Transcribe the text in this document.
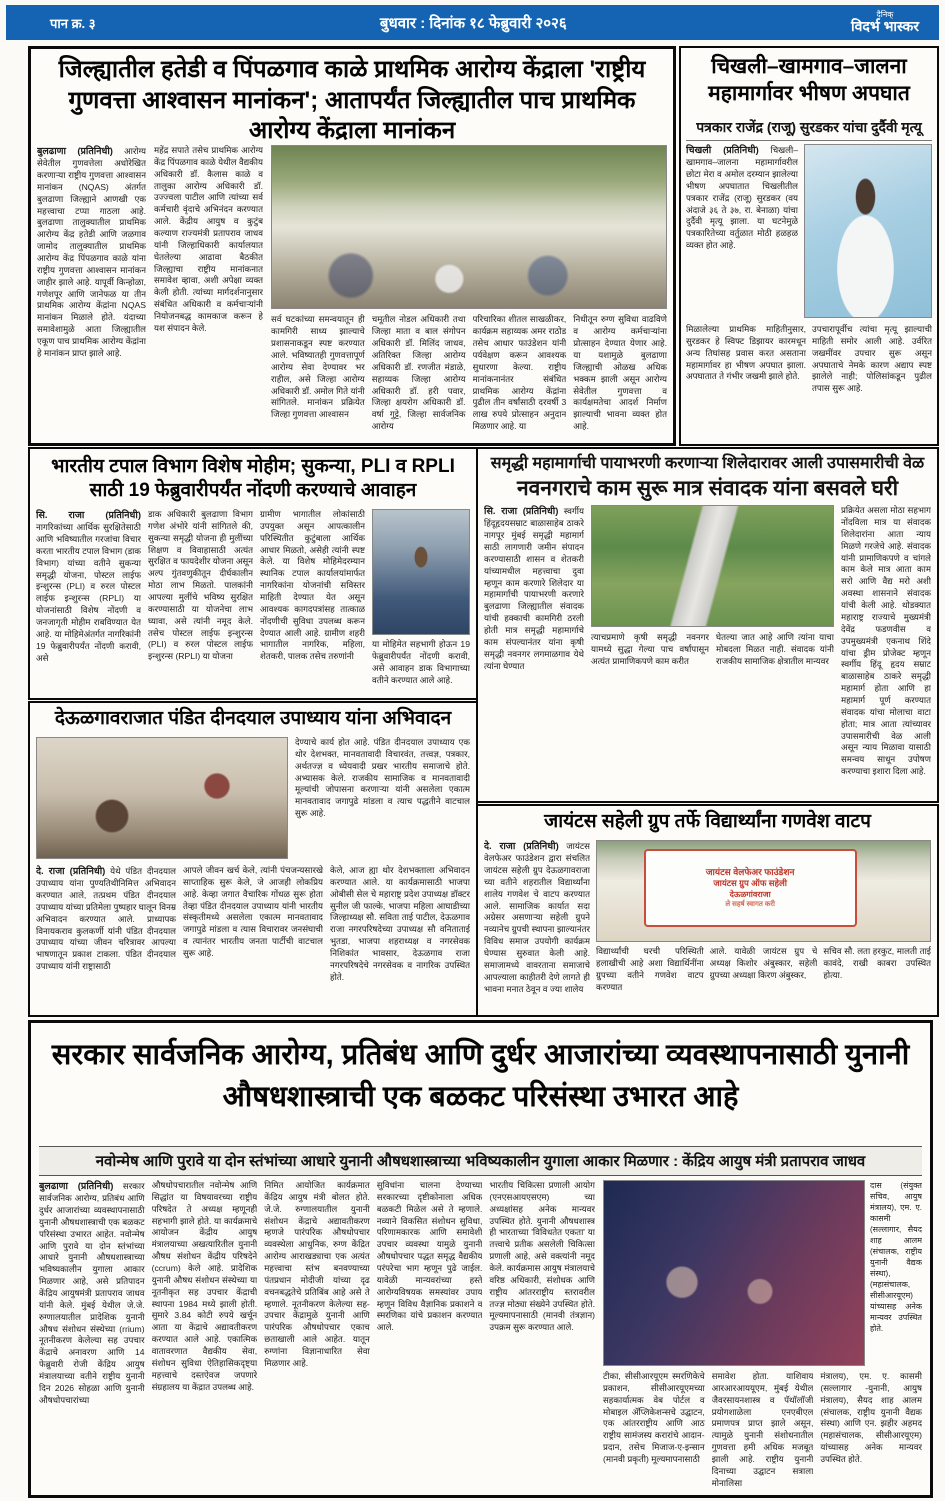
पान क्र. ३	बुधवार : दिनांक १८ फेब्रुवारी २०२६
दैनिक्
विदर्भ भास्कर
जिल्ह्यातील हतेडी व पिंपळगाव काळे प्राथमिक आरोग्य केंद्राला 'राष्ट्रीय गुणवत्ता आश्वासन मानांकन'; आतापर्यंत जिल्ह्यातील पाच प्राथमिक आरोग्य केंद्राला मानांकन

बुलढाणा (प्रतिनिधी) आरोग्य सेवेतील गुणवत्तेला अधोरेखित करणाऱ्या राष्ट्रीय गुणवत्ता आश्वासन मानांकन (NQAS) अंतर्गत बुलढाणा जिल्ह्याने आणखी एक महत्त्वाचा टप्पा गाठला आहे. बुलढाणा तालुक्यातील प्राथमिक आरोग्य केंद्र हतेडी आणि जळगाव जामोद तालुक्यातील प्राथमिक आरोग्य केंद्र पिंपळगाव काळे यांना राष्ट्रीय गुणवत्ता आश्वासन मानांकन जाहीर झाले आहे. यापूर्वी किन्होळा, गणेशपूर आणि जानेफळ या तीन प्राथमिक आरोग्य केंद्रांना NQAS मानांकन मिळाले होते. यंदाच्या समावेशामुळे आता जिल्ह्यातील एकूण पाच प्राथमिक आरोग्य केंद्रांना हे मानांकन प्राप्त झाले आहे.

महेंद्र सपाते तसेच प्राथमिक आरोग्य केंद्र पिंपळगाव काळे येथील वैद्यकीय अधिकारी डॉ. कैलास काळे व तालुका आरोग्य अधिकारी डॉ. उज्ज्वला पाटील आणि त्यांच्या सर्व कर्मचारी वृंदाचे अभिनंदन करण्यात आले. केंद्रीय आयुष व कुटुंब कल्याण राज्यमंत्री प्रतापराव जाधव यांनी जिल्हाधिकारी कार्यालयात घेतलेल्या आढावा बैठकीत जिल्ह्याचा राष्ट्रीय मानांकनात समावेश व्हावा, अशी अपेक्षा व्यक्त केली होती. त्यांच्या मार्गदर्शनानुसार संबंधित अधिकारी व कर्मचाऱ्यांनी नियोजनबद्ध कामकाज करून हे यश संपादन केले.

सर्व घटकांच्या समन्वयातून ही कामगिरी साध्य झाल्याचे प्रशासनाकडून स्पष्ट करण्यात आले. भविष्यातही गुणवत्तापूर्ण आरोग्य सेवा देण्यावर भर राहील, असे जिल्हा आरोग्य अधिकारी डॉ. अमोल गिते यांनी सांगितले. मानांकन प्रक्रियेत जिल्हा गुणवत्ता आश्वासन

चमूतील नोडल अधिकारी तथा जिल्हा माता व बाल संगोपन अधिकारी डॉ. मिलिंद जाधव, अतिरिक्त जिल्हा आरोग्य अधिकारी डॉ. रणजीत मंडाळे, सहाय्यक जिल्हा आरोग्य अधिकारी डॉ. हरी पवार, जिल्हा क्षयरोग अधिकारी डॉ. वर्षा गुट्टे, जिल्हा सार्वजनिक आरोग्य

परिचारिका शीतल साखळीकर, कार्यक्रम सहाय्यक अमर राठोड तसेच आधार फाउंडेशन यांनी पर्यवेक्षण करून आवश्यक सुधारणा केल्या. राष्ट्रीय मानांकनानंतर संबंधित प्राथमिक आरोग्य केंद्रांना पुढील तीन वर्षांसाठी दरवर्षी 3 लाख रुपये प्रोत्साहन अनुदान मिळणार आहे. या

निधीतून रुग्ण सुविधा वाढविणे व आरोग्य कर्मचाऱ्यांना प्रोत्साहन देण्यात येणार आहे. या यशामुळे बुलढाणा जिल्ह्याची ओळख अधिक भक्कम झाली असून आरोग्य सेवेतील गुणवत्ता व कार्यक्षमतेचा आदर्श निर्माण झाल्याची भावना व्यक्त होत आहे.

चिखली–खामगाव–जालना महामार्गावर भीषण अपघात
पत्रकार राजेंद्र (राजू) सुरडकर यांचा दुर्दैवी मृत्यू

चिखली (प्रतिनिधी) चिखली–खामगाव–जालना महामार्गावरील छोटा मेरा व अमोल दरम्यान झालेल्या भीषण अपघातात चिखलीतील पत्रकार राजेंद्र (राजू) सुरडकर (वय अंदाजे ३६ ते ३७, रा. बेनाळा) यांचा दुर्दैवी मृत्यू झाला. या घटनेमुळे पत्रकारितेच्या वर्तुळात मोठी हळहळ व्यक्त होत आहे.

मिळालेल्या प्राथमिक माहितीनुसार, सुरडकर हे स्विफ्ट डिझायर कारमधून अन्य तिघांसह प्रवास करत असताना महामार्गावर हा भीषण अपघात झाला. अपघातात ते गंभीर जखमी झाले होते.

उपचारापूर्वीच त्यांचा मृत्यू झाल्याची माहिती समोर आली आहे. उर्वरित जखमींवर उपचार सुरू असून अपघाताचे नेमके कारण अद्याप स्पष्ट झालेले नाही; पोलिसांकडून पुढील तपास सुरू आहे.

भारतीय टपाल विभाग विशेष मोहीम; सुकन्या, PLI व RPLI साठी 19 फेब्रुवारीपर्यंत नोंदणी करण्याचे आवाहन

सि. राजा (प्रतिनिधी) नागरिकांच्या आर्थिक सुरक्षितेसाठी आणि भविष्यातील गरजांचा विचार करता भारतीय टपाल विभाग (डाक विभाग) यांच्या वतीने सुकन्या समृद्धी योजना, पोस्टल लाईफ इन्शुरन्स (PLI) व रुरल पोस्टल लाईफ इन्शुरन्स (RPLI) या योजनांसाठी विशेष नोंदणी व जनजागृती मोहीम राबविण्यात येत आहे. या मोहिमेअंतर्गत नागरिकांनी 19 फेब्रुवारीपर्यंत नोंदणी करावी, असे

डाक अधिकारी बुलढाणा विभाग गणेश अंभोरे यांनी सांगितले की, सुकन्या समृद्धी योजना ही मुलींच्या शिक्षण व विवाहासाठी अत्यंत सुरक्षित व फायदेशीर योजना असून अल्प गुंतवणुकीतून दीर्घकालीन मोठा लाभ मिळतो. पालकांनी आपल्या मुलींचे भविष्य सुरक्षित करण्यासाठी या योजनेचा लाभ घ्यावा, असे त्यांनी नमूद केले. तसेच पोस्टल लाईफ इन्शुरन्स (PLI) व रुरल पोस्टल लाईफ इन्शुरन्स (RPLI) या योजना

ग्रामीण भागातील लोकांसाठी उपयुक्त असून आपत्कालीन परिस्थितीत कुटुंबाला आर्थिक आधार मिळतो, असेही त्यांनी स्पष्ट केले. या विशेष मोहिमेदरम्यान स्थानिक टपाल कार्यालयांमार्फत नागरिकांना योजनांची सविस्तर माहिती देण्यात येत असून आवश्यक कागदपत्रांसह तात्काळ नोंदणीची सुविधा उपलब्ध करून देण्यात आली आहे. ग्रामीण शहरी भागातील नागरिक, महिला, शेतकरी, पालक तसेच तरुणांनी

या मोहिमेत सहभागी होऊन 19 फेब्रुवारीपर्यंत नोंदणी करावी, असे आवाहन डाक विभागाच्या वतीने करण्यात आले आहे.

समृद्धी महामार्गाची पायाभरणी करणाऱ्या शिलेदारावर आली उपासमारीची वेळ
नवनगराचे काम सुरू मात्र संवादक यांना बसवले घरी

सि. राजा (प्रतिनिधी) स्वर्गीय हिंदूहृदयसम्राट बाळासाहेब ठाकरे नागपूर मुंबई समृद्धी महामार्ग साठी लागणारी जमीन संपादन करण्यासाठी शासन व शेतकरी यांच्यामधील महत्त्वाचा दुवा म्हणून काम करणारे शिलेदार या महामार्गांची पायाभरणी करणारे बुलढाणा जिल्ह्यातील संवादक यांची हक्काची कामगिरी ठरली होती मात्र समृद्धी महामार्गाचे काम संपल्यानंतर यांना कृषी समृद्धी नवनगर लगमाळगाव येथे त्यांना घेण्यात

त्याचप्रमाणे कृषी समृद्धी नवनगर यामध्ये सुद्धा गेल्या पाच वर्षांपासून अत्यंत प्रामाणिकपणे काम करीत

घेतल्या जात आहे आणि त्यांना याचा मोबदला मिळत नाही. संवादक यांनी राजकीय सामाजिक क्षेत्रातील मान्यवर

प्रक्रियेत असला मोठा सहभाग नोंदविला मात्र या संवादक शिलेदारांना आता न्याय मिळणे गरजेचे आहे. संवादक यांनी प्रामाणिकपणे व चांगले काम केले मात्र आता काम सरो आणि वैद्य मरो अशी अवस्था शासनाने संवादक यांची केली आहे. थोडक्यात महाराष्ट्र राज्याचे मुख्यमंत्री देवेंद्र फडणवीस व उपमुख्यमंत्री एकनाथ शिंदे यांचा ड्रीम प्रोजेक्ट म्हणून स्वर्गीय हिंदू हृदय सम्राट बाळासाहेब ठाकरे समृद्धी महामार्ग होता आणि हा महामार्ग पूर्ण करण्यात संवादक यांचा मोलाचा वाटा होता; मात्र आता त्यांच्यावर उपासमारीची वेळ आली असून न्याय मिळावा यासाठी समन्वय साधून उपोषण करण्याचा इशारा दिला आहे.

देऊळगावराजात पंडित दीनदयाल उपाध्याय यांना अभिवादन

देण्याचे कार्य होत आहे. पंडित दीनदयाल उपाध्याय एक थोर देशभक्त, मानवतावादी विचारवंत, तत्त्वज्ञ, पत्रकार, अर्थतज्ज्ञ व ध्येयवादी प्रखर भारतीय समाजाचे होते. अभ्यासक केले. राजकीय सामाजिक व मानवतावादी मूल्यांची जोपासना करणाऱ्या यांनी असलेला एकात्म मानवतावाद जगापुढे मांडला व त्याच पद्धतीने वाटचाल सुरू आहे.

दे. राजा (प्रतिनिधी) येथे पंडित दीनदयाल उपाध्याय यांना पुण्यतिथीनिमित्त अभिवादन करण्यात आले, तत्प्रथम पंडित दीनदयाल उपाध्याय यांच्या प्रतिमेला पुष्पहार घालून विनम्र अभिवादन करण्यात आले. प्राध्यापक विनायकराव कुलकर्णी यांनी पंडित दीनदयाल उपाध्याय यांच्या जीवन चरित्रावर आपल्या भाषणातून प्रकाश टाकला. पंडित दीनदयाल उपाध्याय यांनी राष्ट्रासाठी

आपले जीवन खर्च केले, त्यांनी पंचजन्यसारखे साप्ताहिक सुरू केले, जे आजही लोकप्रिय आहे. केव्हा जगात वैचारिक गोंधळ सुरू होता तेव्हा पंडित दीनदयाल उपाध्याय यांनी भारतीय संस्कृतीमध्ये असलेला एकात्म मानवतावाद जगापुढे मांडला व त्यास विचारावर जनसंघाची व त्यानंतर भारतीय जनता पार्टीची वाटचाल सुरू आहे.

केले, आज ह्या थोर देशभक्ताला अभिवादन करण्यात आले. या कार्यक्रमासाठी भाजपा ओबीसी सेल चे महाराष्ट्र प्रदेश उपाध्यक्ष डॉक्टर सुनील जी फाल्के, भाजपा महिला आघाडीच्या जिल्हाध्यक्ष सौ. सविता ताई पाटील, देऊळगाव राजा नगरपरिषदेच्या उपाध्यक्ष सौ वनिताताई भुतडा, भाजपा शहराध्यक्ष व नगरसेवक निशिकांत भावसार, देऊळगाव राजा नगरपरिषदेचे नगरसेवक व नागरिक उपस्थित होते.

जायंटस सहेली ग्रुप तर्फे विद्यार्थ्यांना गणवेश वाटप

दे. राजा (प्रतिनिधी) जायंटस वेलफेअर फाउंडेशन द्वारा संचलित जायंटस सहेली ग्रुप देऊळगावराजा च्या वतीने शहरातील विद्यार्थ्यांना शालेय गणवेश चे वाटप करण्यात आले. सामाजिक कार्यात सदा अग्रेसर असणाऱ्या सहेली ग्रुपने नव्यानेच ग्रुपची स्थापना झाल्यानंतर विविध समाज उपयोगी कार्यक्रम घेण्यास सुरुवात केली आहे. समाजामध्ये वावरताना समाजाचे आपल्याला काहीतरी देणे लागते ही भावना मनात ठेवून व ज्या शालेय

जायंटस वेलफेअर फाउंडेशन
जायंटस ग्रुप ऑफ सहेली
देऊळगांवराजा
ले सहर्ष स्वागत करी

विद्यार्थ्यांची घरची परिस्थिती हलाखीची आहे अशा विद्यार्थिनींना ग्रुपच्या वतीने गणवेश वाटप करण्यात

आले. यावेळी जायंटस ग्रुप चे अध्यक्ष किशोर अंबुस्कार, सहेली ग्रुपच्या अध्यक्षा किरण अंबुस्कर,

सचिव सौ. लता हरकुट, मालती ताई कावंदे, राखी काबरा उपस्थित होत्या.

सरकार सार्वजनिक आरोग्य, प्रतिबंध आणि दुर्धर आजारांच्या व्यवस्थापनासाठी युनानी औषधशास्त्राची एक बळकट परिसंस्था उभारत आहे
नवोन्मेष आणि पुरावे या दोन स्तंभांच्या आधारे युनानी औषधशास्त्राच्या भविष्यकालीन युगाला आकार मिळणार : केंद्रिय आयुष मंत्री प्रतापराव जाधव

बुलढाणा (प्रतिनिधी) सरकार सार्वजनिक आरोग्य, प्रतिबंध आणि दुर्धर आजारांच्या व्यवस्थापनासाठी युनानी औषधशास्त्राची एक बळकट परिसंस्था उभारत आहेत. नवोन्मेष आणि पुरावे या दोन स्तंभांच्या आधारे युनानी औषधशास्त्राच्या भविष्यकालीन युगाला आकार मिळणार आहे, असे प्रतिपादन केंद्रिय आयुषमंत्री प्रतापराव जाधव यांनी केले. मुंबई येथील जे.जे. रुग्णालयातील प्रादेशिक युनानी औषध संशोधन संस्थेच्या (rrium) नूतनीकरण केलेल्या सह उपचार केंद्राचे अनावरण आणि 14 फेब्रुवारी रोजी केंद्रिय आयुष मंत्रालयाच्या वतीने राष्ट्रीय युनानी दिन 2026 सोहळा आणि युनानी औषधोपचारांच्या

औषधोपचारातील नवोन्मेष आणि सिद्धांत या विषयावरच्या राष्ट्रीय परिषदेत ते अध्यक्ष म्हणूनही सहभागी झाले होते. या कार्यक्रमाचे आयोजन केंद्रीय आयुष मंत्रालयाच्या अखत्यारितील युनानी औषध संशोधन केंद्रीय परिषदेने (ccrum) केले आहे. प्रादेशिक युनानी औषध संशोधन संस्थेच्या या नूतनीकृत सह उपचार केंद्राची स्थापना 1984 मध्ये झाली होती. सुमारे 3.84 कोटी रुपये खर्चून आता या केंद्राचे अद्यावतीकरण करण्यात आले आहे. एकात्मिक वातावरणात वैद्यकीय सेवा, संशोधन सुविधा ऐतिहासिकदृष्ट्या महत्त्वाचे दस्तऐवज जपणारे संग्रहालय या केंद्रात उपलब्ध आहे.

निमित आयोजित कार्यक्रमात केंद्रिय आयुष मंत्री बोलत होते. जे.जे. रुग्णालयातील युनानी संशोधन केंद्राचे अद्यावतीकरण म्हणजे पारंपरिक औषधोपचार व्यवस्थेला आधुनिक, रुग्ण केंद्रित आरोग्य आराखड्याचा एक अत्यंत महत्त्वाचा स्तंभ बनवण्याच्या पंतप्रधान मोदीजी यांच्या दृढ वचनबद्धतेचे प्रतिबिंब आहे असे ते म्हणाले. नूतनीकरण केलेल्या सह-उपचार केंद्रामुळे युनानी आणि पारंपरिक औषधोपचार एकाच छताखाली आले आहेत. यातून रुग्णांना विज्ञानाधारित सेवा मिळणार आहे.

सुविधांना चालना देण्याच्या सरकारच्या दृष्टीकोनाला अधिक बळकटी मिळेल असे ते म्हणाले. नव्याने विकसित संशोधन सुविधा, परिणामकारक आणि समावेशी उपचार व्यवस्था यामुळे युनानी औषधोपचार पद्धत समृद्ध वैद्यकीय परंपरेचा भाग म्हणून पुढे जाईल. यावेळी मान्यवरांच्या हस्ते आरोग्यविषयक समस्यांवर उपाय म्हणून विविध वैज्ञानिक प्रकाशने व स्मरणिका यांचे प्रकाशन करण्यात आले.

भारतीय चिकित्सा प्रणाली आयोग (एनएसआयएसएम) च्या अध्यक्षांसह अनेक मान्यवर उपस्थित होते. युनानी औषधशास्त्र ही भारताच्या 'विविधतेत एकता' या तत्त्वाचे प्रतीक असलेली चिकित्सा प्रणाली आहे, असे वक्त्यांनी नमूद केले. कार्यक्रमास आयुष मंत्रालयाचे वरिष्ठ अधिकारी, संशोधक आणि राष्ट्रीय आंतरराष्ट्रीय स्तरावरील तज्ज्ञ मोठ्या संख्येने उपस्थित होते. मूल्यमापनासाठी (मानवी तंत्रज्ञान) उपक्रम सुरू करण्यात आले.

दास (संयुक्त सचिव, आयुष मंत्रालय), एम. ए. कासमी (सल्लागार, सैयद शाह आलम (संचालक, राष्ट्रीय युनानी वैद्यक संस्था), (महासंचालक, सीसीआरयूएम) यांच्यासह अनेक मान्यवर उपस्थित होते.

टीका, सीसीआरयूएम स्मरणिकेचे प्रकाशन, सीसीआरयूएमच्या सहकार्यात्मक वेब पोर्टल व मोबाइल ॲप्लिकेशन्सचे उद्घाटन, एक आंतरराष्ट्रीय आणि आठ राष्ट्रीय सामंजस्य करारांचे आदान-प्रदान, तसेच मिजाज-ए-इन्सान (मानवी प्रकृती) मूल्यमापनासाठी

समावेश होता. याशिवाय आरआरआययूएम, मुंबई येथील जैवरसायनशास्त्र व पॅथॉलॉजी प्रयोगशाळेला एनएबीएल प्रमाणपत्र प्राप्त झाले असून, त्यामुळे युनानी संशोधनातील गुणवत्ता हमी अधिक मजबूत झाली आहे. राष्ट्रीय युनानी दिनाच्या उद्घाटन सत्राला मोनालिसा

मंत्रालय), एम. ए. कासमी (सल्लागार -युनानी, आयुष मंत्रालय), सैयद शाह आलम (संचालक, राष्ट्रीय युनानी वैद्यक संस्था) आणि एन. झहीर अहमद (महासंचालक, सीसीआरयूएम) यांच्यासह अनेक मान्यवर उपस्थित होते.
